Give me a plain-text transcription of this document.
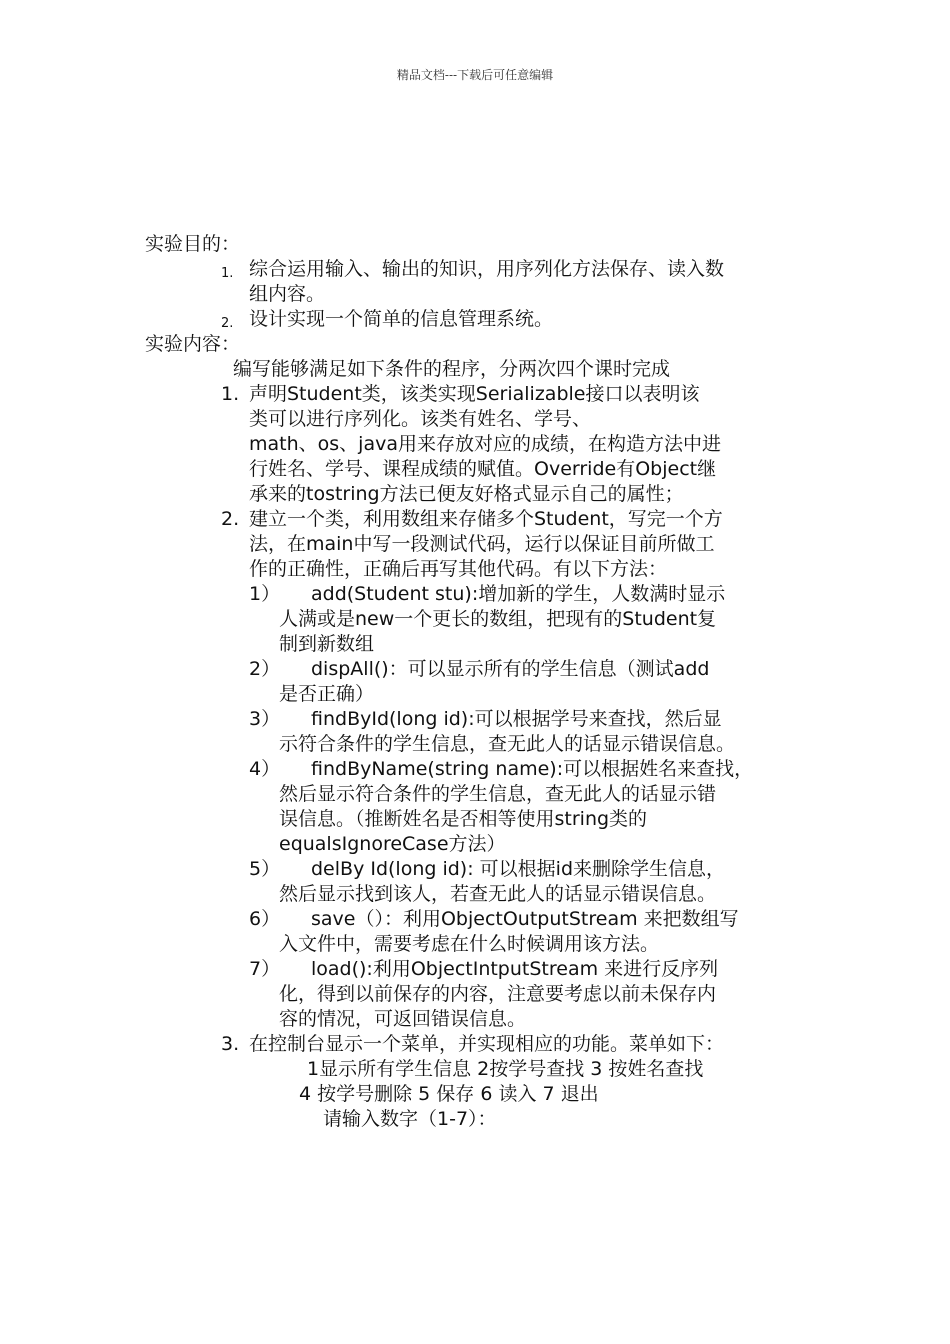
精品文档---下载后可任意编辑
实验目的：
1. 综合运用输入、输出的知识，用序列化方法保存、读入数
组内容。
2. 设计实现一个简单的信息管理系统。
实验内容：
编写能够满足如下条件的程序，分两次四个课时完成
1. 声明Student类，该类实现Serializable接口以表明该
类可以进行序列化。该类有姓名、学号、
math、os、java用来存放对应的成绩，在构造方法中进
行姓名、学号、课程成绩的赋值。Override有Object继
承来的tostring方法已便友好格式显示自己的属性；
2. 建立一个类，利用数组来存储多个Student，写完一个方
法，在main中写一段测试代码，运行以保证目前所做工
作的正确性，正确后再写其他代码。有以下方法：
1）	add(Student stu):增加新的学生，人数满时显示
人满或是new一个更长的数组，把现有的Student复
制到新数组
2）	dispAll()：可以显示所有的学生信息（测试add
是否正确）
3）	findById(long id):可以根据学号来查找，然后显
示符合条件的学生信息，查无此人的话显示错误信息。
4）	findByName(string name):可以根据姓名来查找，
然后显示符合条件的学生信息，查无此人的话显示错
误信息。（推断姓名是否相等使用string类的
equalsIgnoreCase方法）
5）	delBy Id(long id): 可以根据id来删除学生信息，
然后显示找到该人，若查无此人的话显示错误信息。
6）	save（）：利用ObjectOutputStream 来把数组写
入文件中，需要考虑在什么时候调用该方法。
7）	load():利用ObjectIntputStream 来进行反序列
化，得到以前保存的内容，注意要考虑以前未保存内
容的情况，可返回错误信息。
3. 在控制台显示一个菜单，并实现相应的功能。菜单如下：
1显示所有学生信息 2按学号查找 3 按姓名查找
4 按学号删除 5 保存 6 读入 7 退出
请输入数字（1-7）：
